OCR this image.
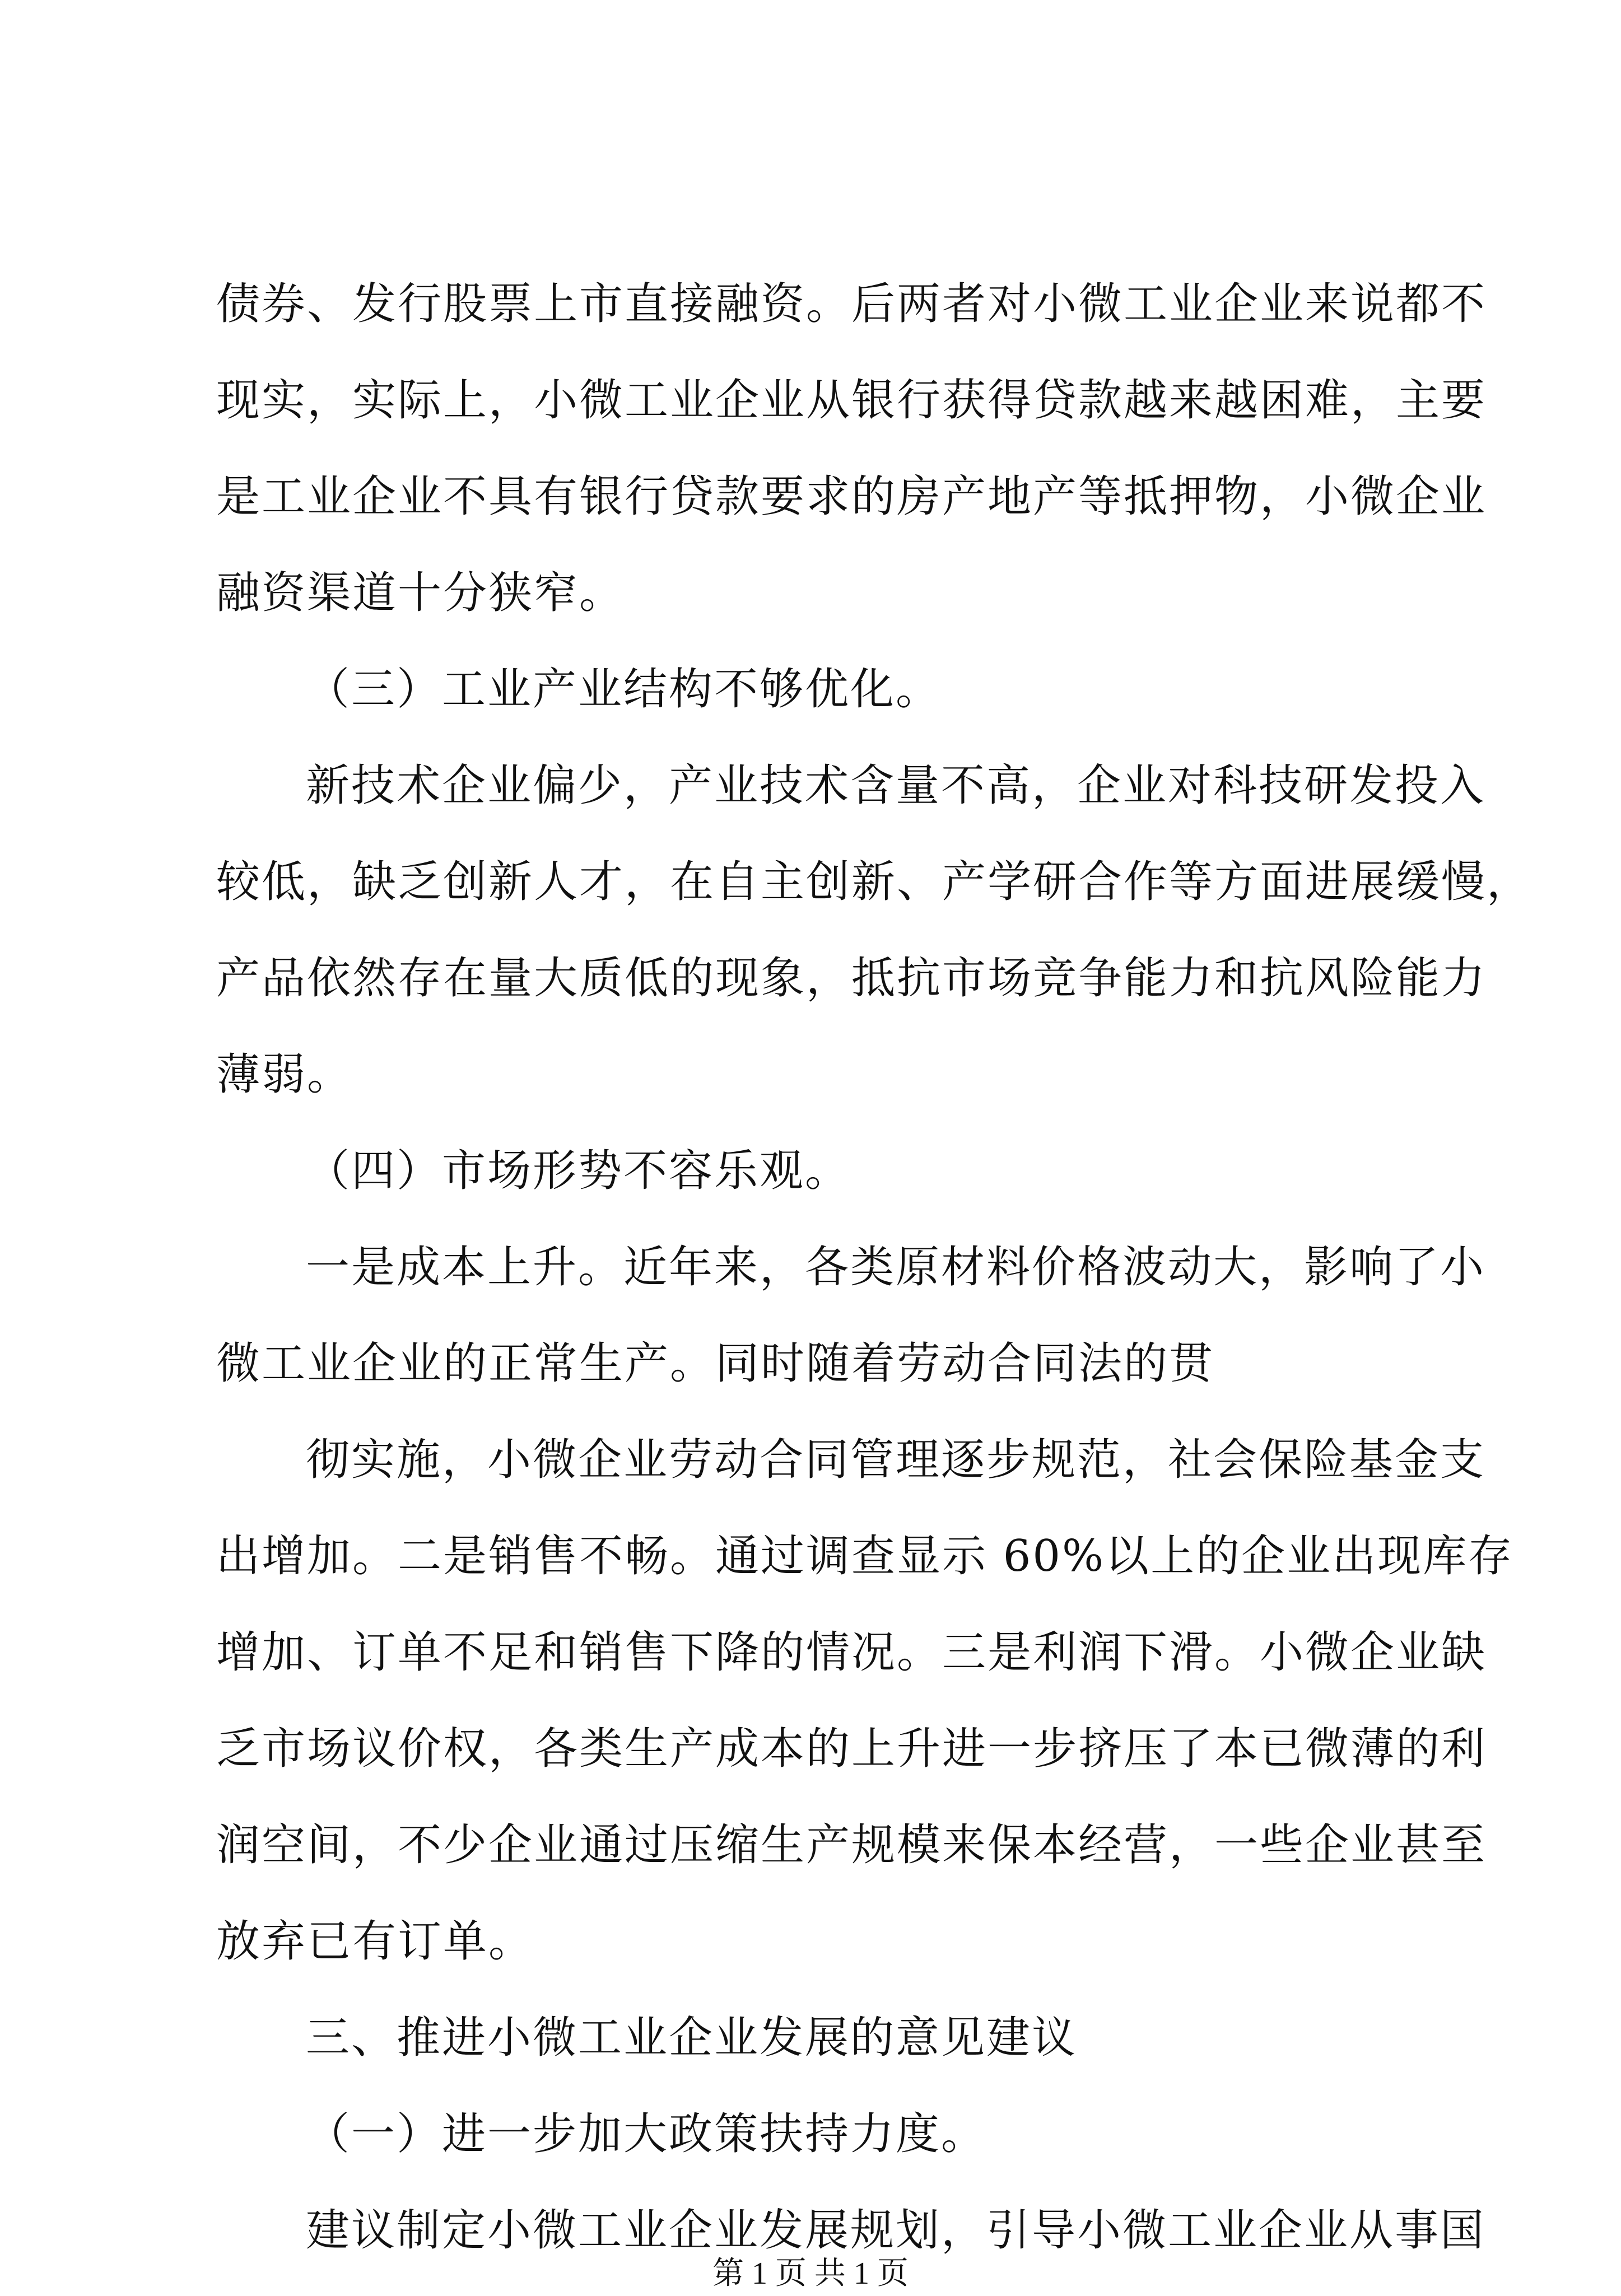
债券、发行股票上市直接融资。后两者对小微工业企业来说都不
现实，实际上，小微工业企业从银行获得贷款越来越困难，主要
是工业企业不具有银行贷款要求的房产地产等抵押物，小微企业
融资渠道十分狭窄。
（三）工业产业结构不够优化。
新技术企业偏少，产业技术含量不高，企业对科技研发投入
较低，缺乏创新人才，在自主创新、产学研合作等方面进展缓慢，
产品依然存在量大质低的现象，抵抗市场竞争能力和抗风险能力
薄弱。
（四）市场形势不容乐观。
一是成本上升。近年来，各类原材料价格波动大，影响了小
微工业企业的正常生产。同时随着劳动合同法的贯
彻实施，小微企业劳动合同管理逐步规范，社会保险基金支
出增加。二是销售不畅。通过调查显示 60%以上的企业出现库存
增加、订单不足和销售下降的情况。三是利润下滑。小微企业缺
乏市场议价权，各类生产成本的上升进一步挤压了本已微薄的利
润空间，不少企业通过压缩生产规模来保本经营，一些企业甚至
放弃已有订单。
三、推进小微工业企业发展的意见建议
（一）进一步加大政策扶持力度。
建议制定小微工业企业发展规划，引导小微工业企业从事国
第 1 页 共 1 页
